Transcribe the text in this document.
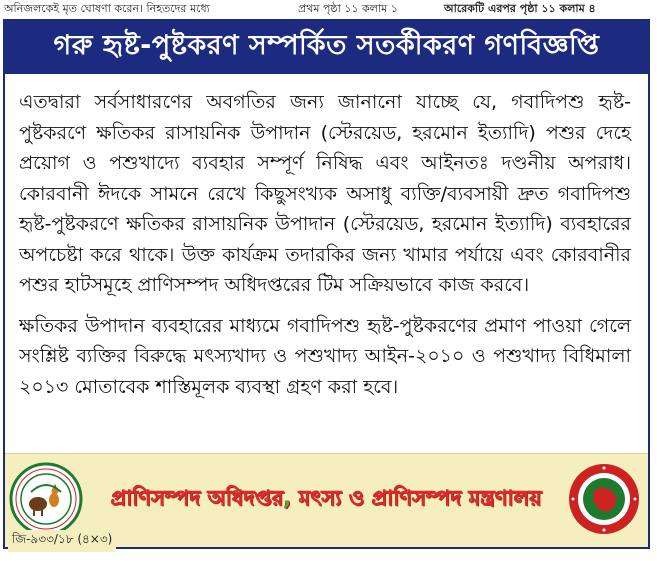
অনিজলকেই মৃত ঘোষণা করেন। নিহতদের মধ্যে	প্রথম পৃষ্ঠা ১১ কলাম ১	আরেকটি এরপর পৃষ্ঠা ১১ কলাম ৪
গরু হৃষ্ট-পুষ্টকরণ সম্পর্কিত সতর্কীকরণ গণবিজ্ঞপ্তি

এতদ্বারা সর্বসাধারণের অবগতির জন্য জানানো যাচ্ছে যে, গবাদিপশু হৃষ্ট-পুষ্টকরণে ক্ষতিকর রাসায়নিক উপাদান (স্টেরয়েড, হরমোন ইত্যাদি) পশুর দেহে প্রয়োগ ও পশুখাদ্যে ব্যবহার সম্পূর্ণ নিষিদ্ধ এবং আইনতঃ দণ্ডনীয় অপরাধ। কোরবানী ঈদকে সামনে রেখে কিছুসংখ্যক অসাধু ব্যক্তি/ব্যবসায়ী দ্রুত গবাদিপশু হৃষ্ট-পুষ্টকরণে ক্ষতিকর রাসায়নিক উপাদান (স্টেরয়েড, হরমোন ইত্যাদি) ব্যবহারের অপচেষ্টা করে থাকে। উক্ত কার্যক্রম তদারকির জন্য খামার পর্যায়ে এবং কোরবানীর পশুর হাটসমূহে প্রাণিসম্পদ অধিদপ্তরের টিম সক্রিয়ভাবে কাজ করবে।

ক্ষতিকর উপাদান ব্যবহারের মাধ্যমে গবাদিপশু হৃষ্ট-পুষ্টকরণের প্রমাণ পাওয়া গেলে সংশ্লিষ্ট ব্যক্তির বিরুদ্ধে মৎস্যখাদ্য ও পশুখাদ্য আইন-২০১০ ও পশুখাদ্য বিধিমালা ২০১৩ মোতাবেক শাস্তিমূলক ব্যবস্থা গ্রহণ করা হবে।

প্রাণিসম্পদ অধিদপ্তর, মৎস্য ও প্রাণিসম্পদ মন্ত্রণালয়
জি-৯৩৩/১৮ (৪×৩)
